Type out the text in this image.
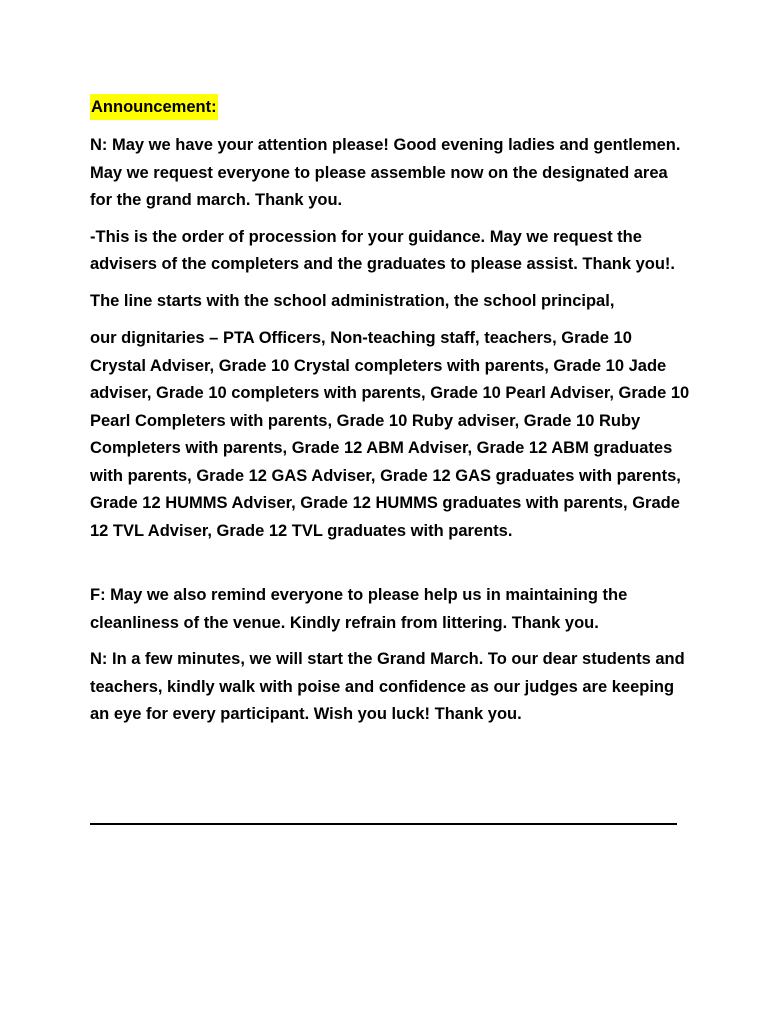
Announcement:

N: May we have your attention please! Good evening ladies and gentlemen. May we request everyone to please assemble now on the designated area for the grand march. Thank you.

-This is the order of procession for your guidance. May we request the advisers of the completers and the graduates to please assist. Thank you!.

The line starts with the school administration, the school principal,

our dignitaries – PTA Officers, Non-teaching staff, teachers, Grade 10 Crystal Adviser, Grade 10 Crystal completers with parents, Grade 10 Jade adviser, Grade 10 completers with parents, Grade 10 Pearl Adviser, Grade 10 Pearl Completers with parents, Grade 10 Ruby adviser, Grade 10 Ruby Completers with parents, Grade 12 ABM Adviser, Grade 12 ABM graduates with parents, Grade 12 GAS Adviser, Grade 12 GAS graduates with parents, Grade 12 HUMMS Adviser, Grade 12 HUMMS graduates with parents, Grade 12 TVL Adviser, Grade 12 TVL graduates with parents.

F: May we also remind everyone to please help us in maintaining the cleanliness of the venue. Kindly refrain from littering. Thank you.

N: In a few minutes, we will start the Grand March. To our dear students and teachers, kindly walk with poise and confidence as our judges are keeping an eye for every participant. Wish you luck! Thank you.
